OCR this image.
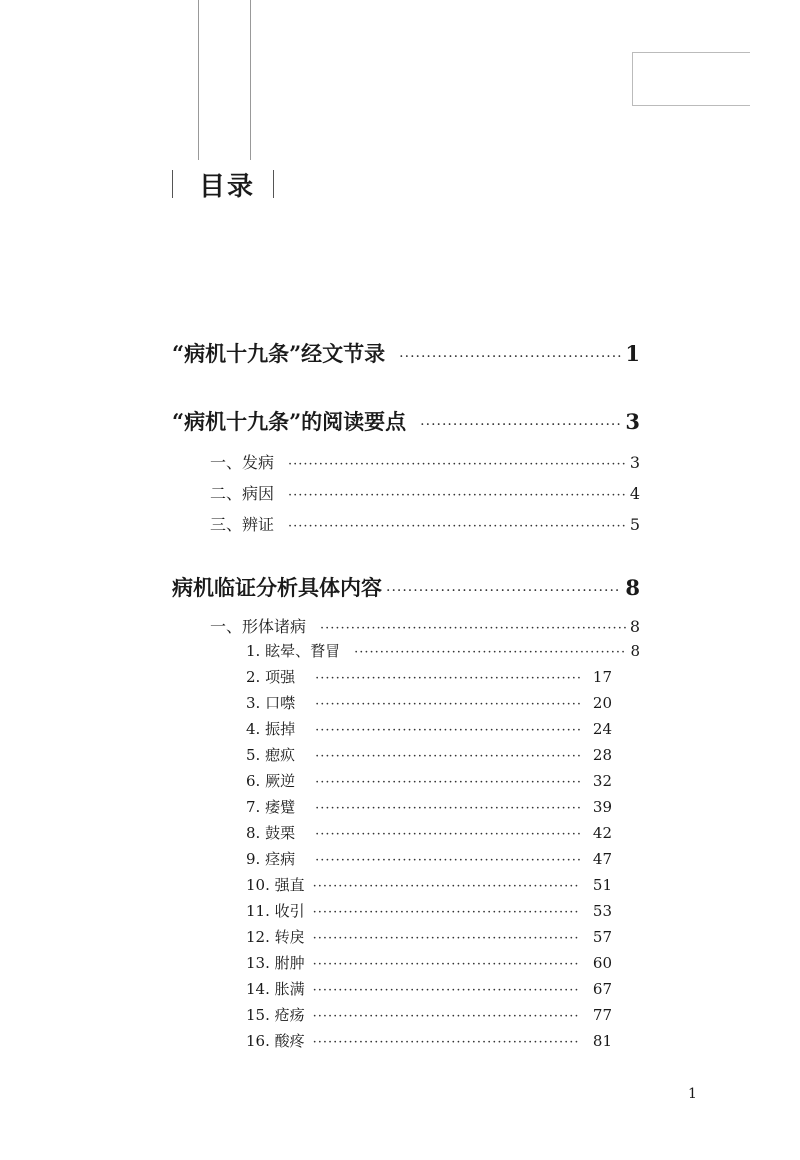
目录
“病机十九条”经文节录 ·····	1
“病机十九条”的阅读要点 ·····	3
一、发病 ·····	3
二、病因 ·····	4
三、辨证 ·····	5
病机临证分析具体内容 ·····	8
一、形体诸病 ·····	8
1. 眩晕、瞀冒 ·····	8
2. 项强 ·····	17
3. 口噤 ·····	20
4. 振掉 ·····	24
5. 瘛疭 ·····	28
6. 厥逆 ·····	32
7. 痿躄 ·····	39
8. 鼓栗 ·····	42
9. 痉病 ·····	47
10. 强直 ·····	51
11. 收引 ·····	53
12. 转戾 ·····	57
13. 胕肿 ·····	60
14. 胀满 ·····	67
15. 疮疡 ·····	77
16. 酸疼 ·····	81
1
